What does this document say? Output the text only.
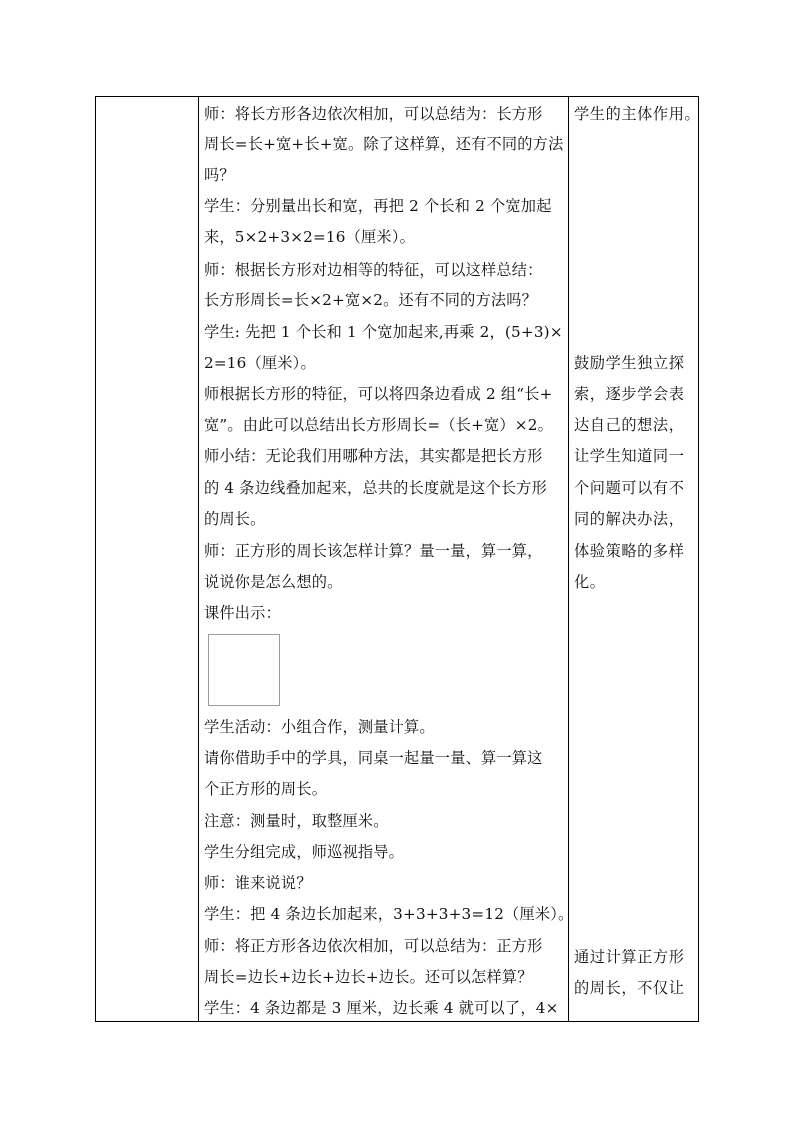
师：将长方形各边依次相加，可以总结为：长方形
周长=长+宽+长+宽。除了这样算，还有不同的方法
吗？
学生：分别量出长和宽，再把 2 个长和 2 个宽加起
来，5×2+3×2=16（厘米）。
师：根据长方形对边相等的特征，可以这样总结：
长方形周长=长×2+宽×2。还有不同的方法吗？
学生: 先把 1 个长和 1 个宽加起来,再乘 2，(5+3)×
2=16（厘米）。
师根据长方形的特征，可以将四条边看成 2 组“长+
宽”。由此可以总结出长方形周长=（长+宽）×2。
师小结：无论我们用哪种方法，其实都是把长方形
的 4 条边线叠加起来，总共的长度就是这个长方形
的周长。
师：正方形的周长该怎样计算？量一量，算一算，
说说你是怎么想的。
课件出示：
学生活动：小组合作，测量计算。
请你借助手中的学具，同桌一起量一量、算一算这
个正方形的周长。
注意：测量时，取整厘米。
学生分组完成，师巡视指导。
师：谁来说说？
学生：把 4 条边长加起来，3+3+3+3=12（厘米）。
师：将正方形各边依次相加，可以总结为：正方形
周长=边长+边长+边长+边长。还可以怎样算？
学生：4 条边都是 3 厘米，边长乘 4 就可以了，4×
学生的主体作用。
鼓励学生独立探
索，逐步学会表
达自己的想法，
让学生知道同一
个问题可以有不
同的解决办法，
体验策略的多样
化。
通过计算正方形
的周长，不仅让
